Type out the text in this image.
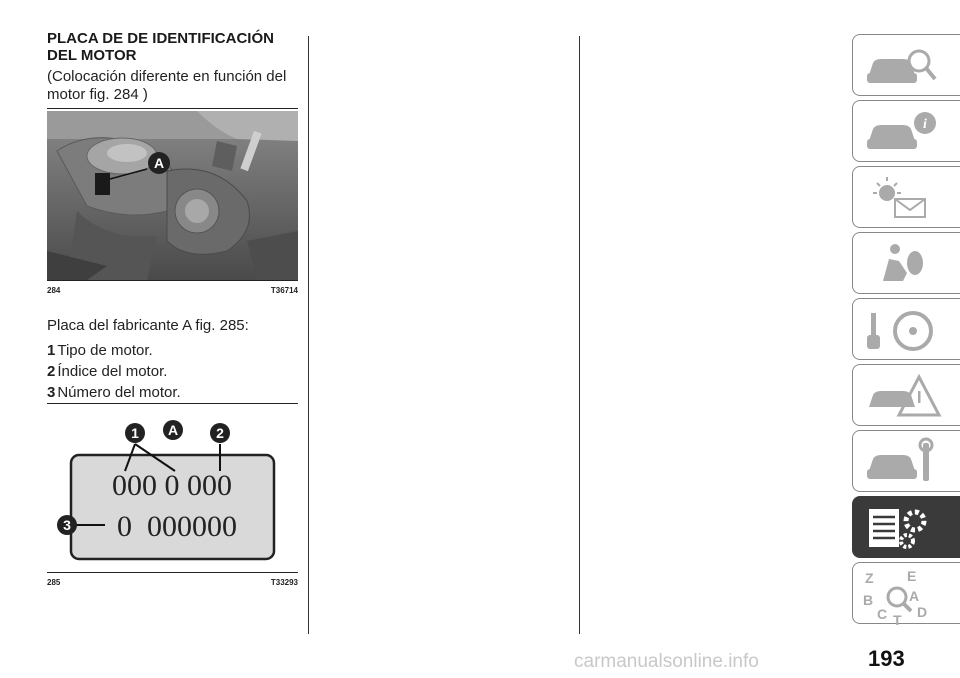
PLACA DE DE IDENTIFICACIÓN

DEL MOTOR

(Colocación diferente en función del

motor fig. 284 )

A
284	T36714

Placa del fabricante A fig. 285:

1 Tipo de motor.

2 Índice del motor.

3 Número del motor.

1 A	2
3
000 0 000
0  000000
285	T33293
i
Z E
B	A
C D
T
carmanualsonline.info	193
